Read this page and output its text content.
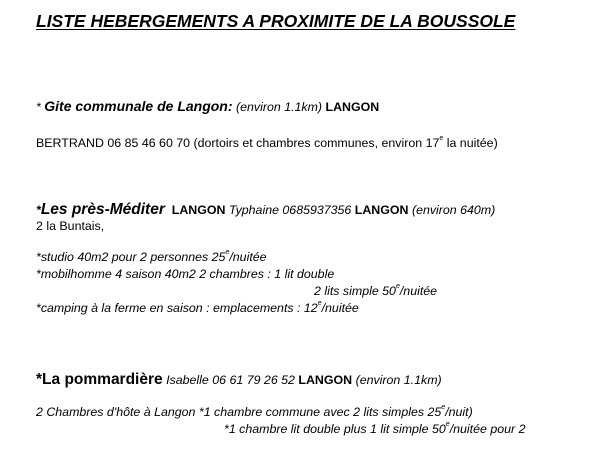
LISTE HEBERGEMENTS A PROXIMITE DE LA BOUSSOLE
* Gite communale de Langon: (environ 1.1km) LANGON
BERTRAND 06 85 46 60 70 (dortoirs et chambres communes, environ 17e la nuitée)
*Les près-Méditer LANGON Typhaine 0685937356 LANGON (environ 640m)
2 la Buntais,
*studio 40m2 pour 2 personnes 25e/nuitée
*mobilhomme 4 saison 40m2 2 chambres : 1 lit double
2 lits simple 50e/nuitée
*camping à la ferme en saison : emplacements : 12e/nuitée
*La pommardière Isabelle 06 61 79 26 52 LANGON (environ 1.1km)
2 Chambres d'hôte à Langon *1 chambre commune avec 2 lits simples 25e/nuit)
*1 chambre lit double plus 1 lit simple 50e/nuitée pour 2
